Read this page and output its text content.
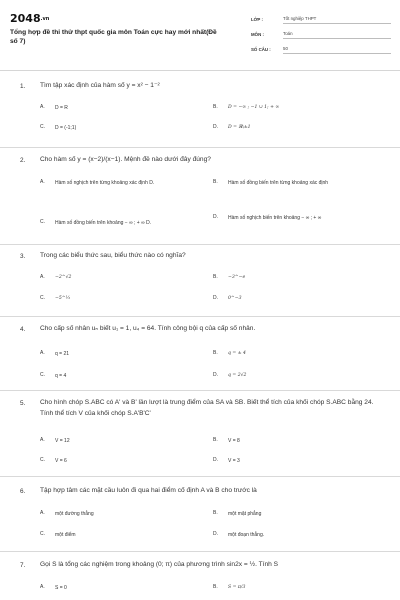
2048.vn
Tổng hợp đề thi thử thpt quốc gia môn Toán cực hay mới nhất(Đề số 7)
LỚP :	Tốt nghiệp THPT
MÔN :	Toán
SỐ CÂU :	50
1. Tìm tập xác định của hàm số y = x² − 1⁻²
A.	D = R	B.	D = −∞ ; −1 ∪ 1; + ∞
C.	D = (-1;1)	D.	D = ℝ\±1
2. Cho hàm số y = (x−2)/(x−1). Mệnh đề nào dưới đây đúng?
A.	Hàm số nghịch trên từng khoảng xác định D.	B.	Hàm số đồng biến trên từng khoảng xác định
C.	Hàm số đồng biến trên khoảng − ∞ ; + ∞ D.
D.	Hàm số nghịch biến trên khoảng − ∞ ; + ∞
3. Trong các biểu thức sau, biểu thức nào có nghĩa?
A.	−2^√2	B.	−3^−e
C.	−5^⅓	D.	0^−3
4. Cho cấp số nhân uₙ biết u₁ = 1, u₄ = 64. Tính công bội q của cấp số nhân.
A.	q = 21	B.	q = ± 4
C.	q = 4	D.	q = 2√2
5. Cho hình chóp S.ABC có A' và B' lần lượt là trung điểm của SA và SB. Biết thể tích của khối chóp S.ABC bằng 24. Tính thể tích V của khối chóp S.A'B'C'
A.	V = 12	B.	V = 8
C.	V = 6	D.	V = 3
6. Tập hợp tâm các mặt cầu luôn đi qua hai điểm cố định A và B cho trước là
A.	một đường thẳng	B.	một mặt phẳng
C.	một điểm	D.	một đoạn thẳng.
7. Gọi S là tổng các nghiệm trong khoảng (0; π) của phương trình sin2x = ½. Tính S
A.	S = 0	B.	S = π/3
